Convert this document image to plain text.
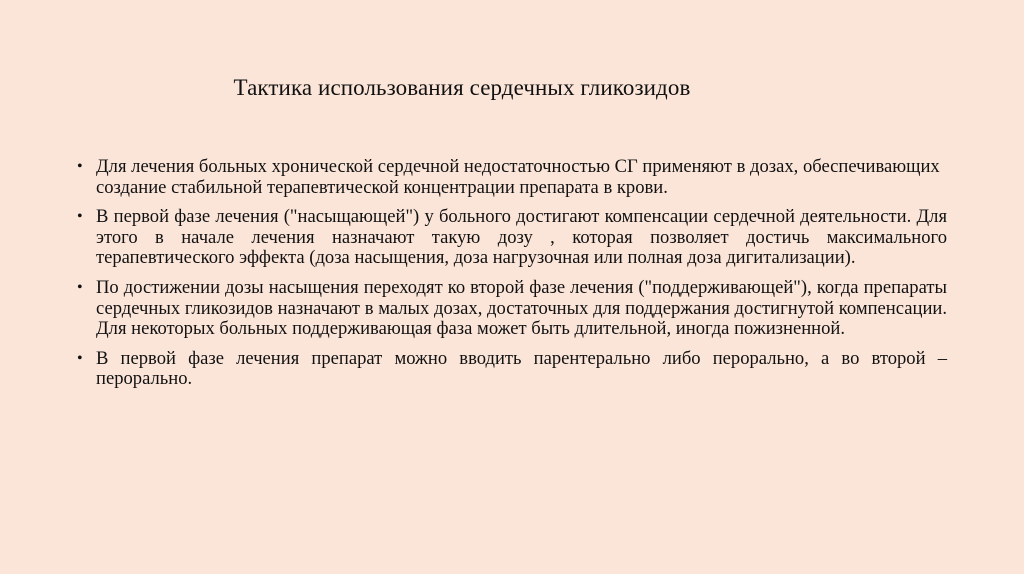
Тактика использования сердечных гликозидов
• Для лечения больных хронической сердечной недостаточностью СГ применяют в дозах, обеспечивающих создание стабильной терапевтической концентрации препарата в крови.
• В первой фазе лечения ("насыщающей") у больного достигают компенсации сердечной деятельности. Для этого в начале лечения назначают такую дозу , которая позволяет достичь максимального терапевтического эффекта (доза насыщения, доза нагрузочная или полная доза дигитализации).
• По достижении дозы насыщения переходят ко второй фазе лечения ("поддерживающей"), когда препараты сердечных гликозидов назначают в малых дозах, достаточных для поддержания достигнутой компенсации. Для некоторых больных поддерживающая фаза может быть длительной, иногда пожизненной.
• В первой фазе лечения препарат можно вводить парентерально либо перорально, а во второй – перорально.
